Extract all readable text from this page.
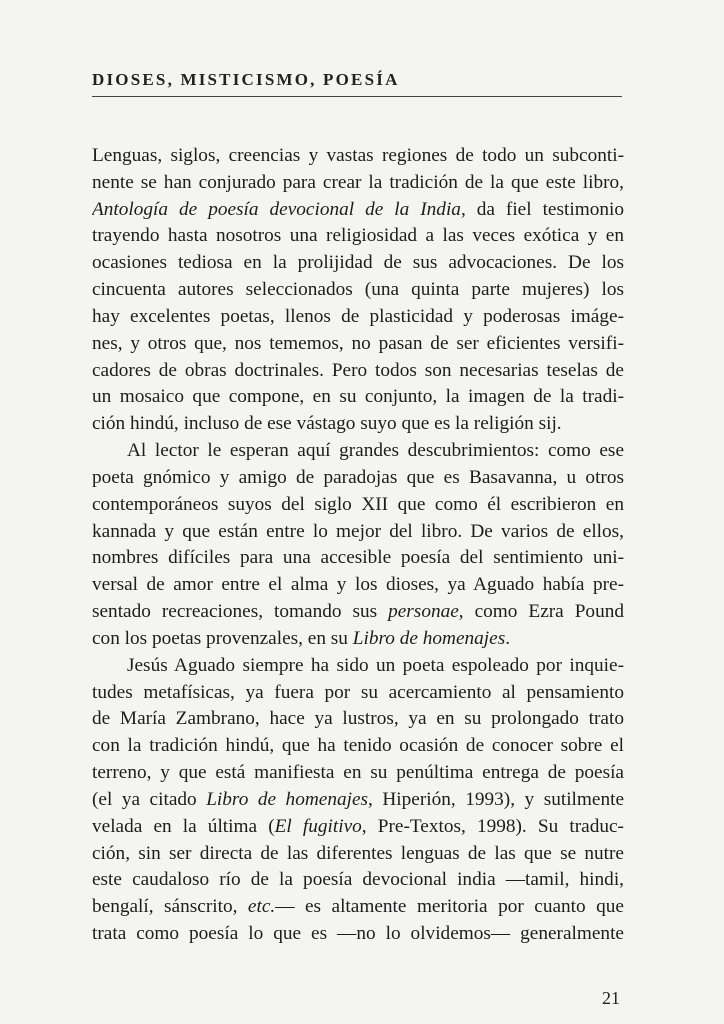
DIOSES, MISTICISMO, POESÍA
Lenguas, siglos, creencias y vastas regiones de todo un subconti-
nente se han conjurado para crear la tradición de la que este libro,
Antología de poesía devocional de la India, da fiel testimonio
trayendo hasta nosotros una religiosidad a las veces exótica y en
ocasiones tediosa en la prolijidad de sus advocaciones. De los
cincuenta autores seleccionados (una quinta parte mujeres) los
hay excelentes poetas, llenos de plasticidad y poderosas imáge-
nes, y otros que, nos tememos, no pasan de ser eficientes versifi-
cadores de obras doctrinales. Pero todos son necesarias teselas de
un mosaico que compone, en su conjunto, la imagen de la tradi-
ción hindú, incluso de ese vástago suyo que es la religión sij.
Al lector le esperan aquí grandes descubrimientos: como ese
poeta gnómico y amigo de paradojas que es Basavanna, u otros
contemporáneos suyos del siglo XII que como él escribieron en
kannada y que están entre lo mejor del libro. De varios de ellos,
nombres difíciles para una accesible poesía del sentimiento uni-
versal de amor entre el alma y los dioses, ya Aguado había pre-
sentado recreaciones, tomando sus personae, como Ezra Pound
con los poetas provenzales, en su Libro de homenajes.
Jesús Aguado siempre ha sido un poeta espoleado por inquie-
tudes metafísicas, ya fuera por su acercamiento al pensamiento
de María Zambrano, hace ya lustros, ya en su prolongado trato
con la tradición hindú, que ha tenido ocasión de conocer sobre el
terreno, y que está manifiesta en su penúltima entrega de poesía
(el ya citado Libro de homenajes, Hiperión, 1993), y sutilmente
velada en la última (El fugitivo, Pre-Textos, 1998). Su traduc-
ción, sin ser directa de las diferentes lenguas de las que se nutre
este caudaloso río de la poesía devocional india —tamil, hindi,
bengalí, sánscrito, etc.— es altamente meritoria por cuanto que
trata como poesía lo que es —no lo olvidemos— generalmente
21
